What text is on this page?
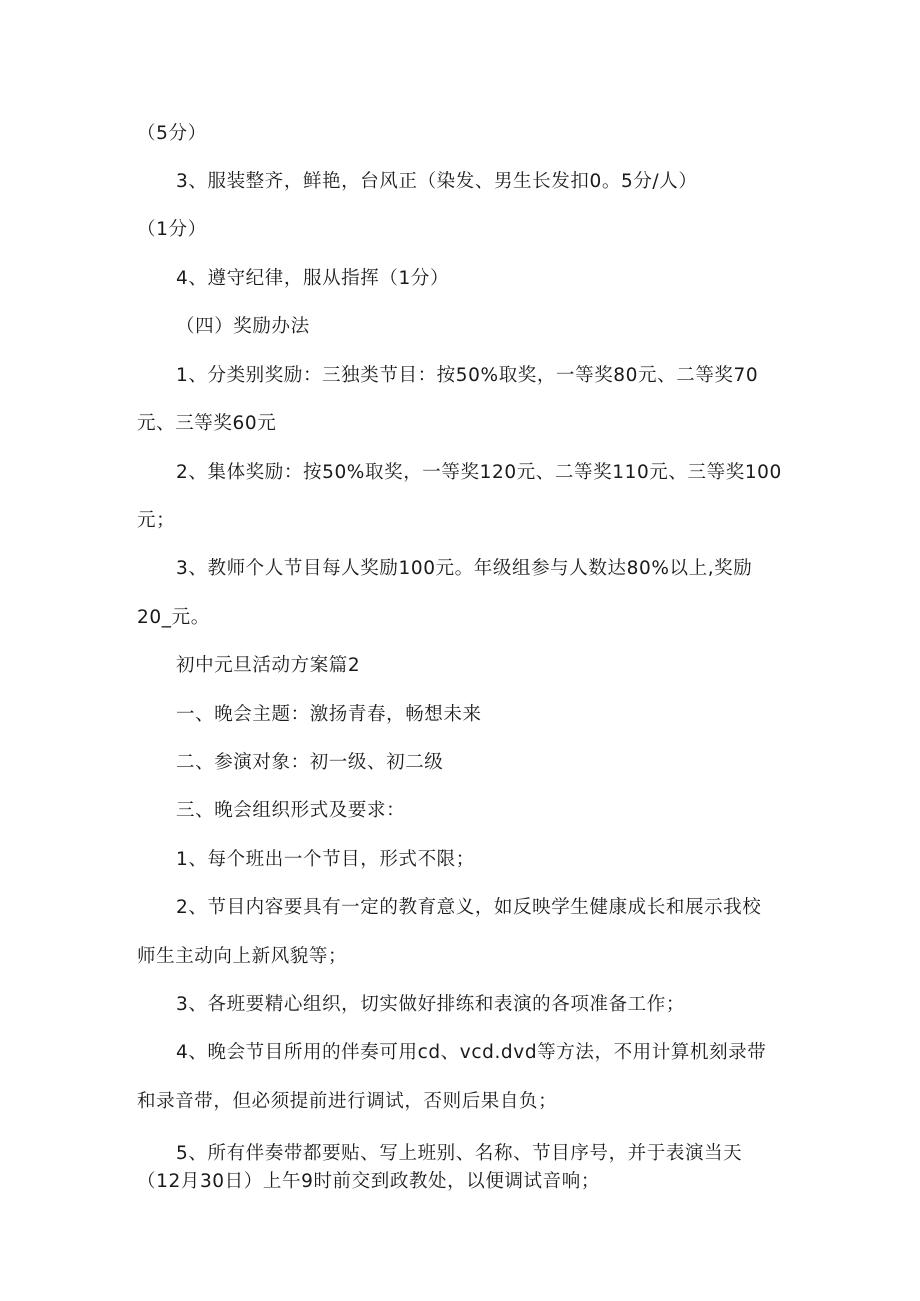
（5分）
3、服装整齐，鲜艳，台风正（染发、男生长发扣0。5分/人）
（1分）
4、遵守纪律，服从指挥（1分）
（四）奖励办法
1、分类别奖励：三独类节目：按50%取奖，一等奖80元、二等奖70
元、三等奖60元
2、集体奖励：按50%取奖，一等奖120元、二等奖110元、三等奖100
元；
3、教师个人节目每人奖励100元。年级组参与人数达80%以上,奖励
20_元。
初中元旦活动方案篇2
一、晚会主题：激扬青春，畅想未来
二、参演对象：初一级、初二级
三、晚会组织形式及要求：
1、每个班出一个节目，形式不限；
2、节目内容要具有一定的教育意义，如反映学生健康成长和展示我校
师生主动向上新风貌等；
3、各班要精心组织，切实做好排练和表演的各项准备工作；
4、晚会节目所用的伴奏可用cd、vcd.dvd等方法，不用计算机刻录带
和录音带，但必须提前进行调试，否则后果自负；
5、所有伴奏带都要贴、写上班别、名称、节目序号，并于表演当天
（12月30日）上午9时前交到政教处，以便调试音响；
